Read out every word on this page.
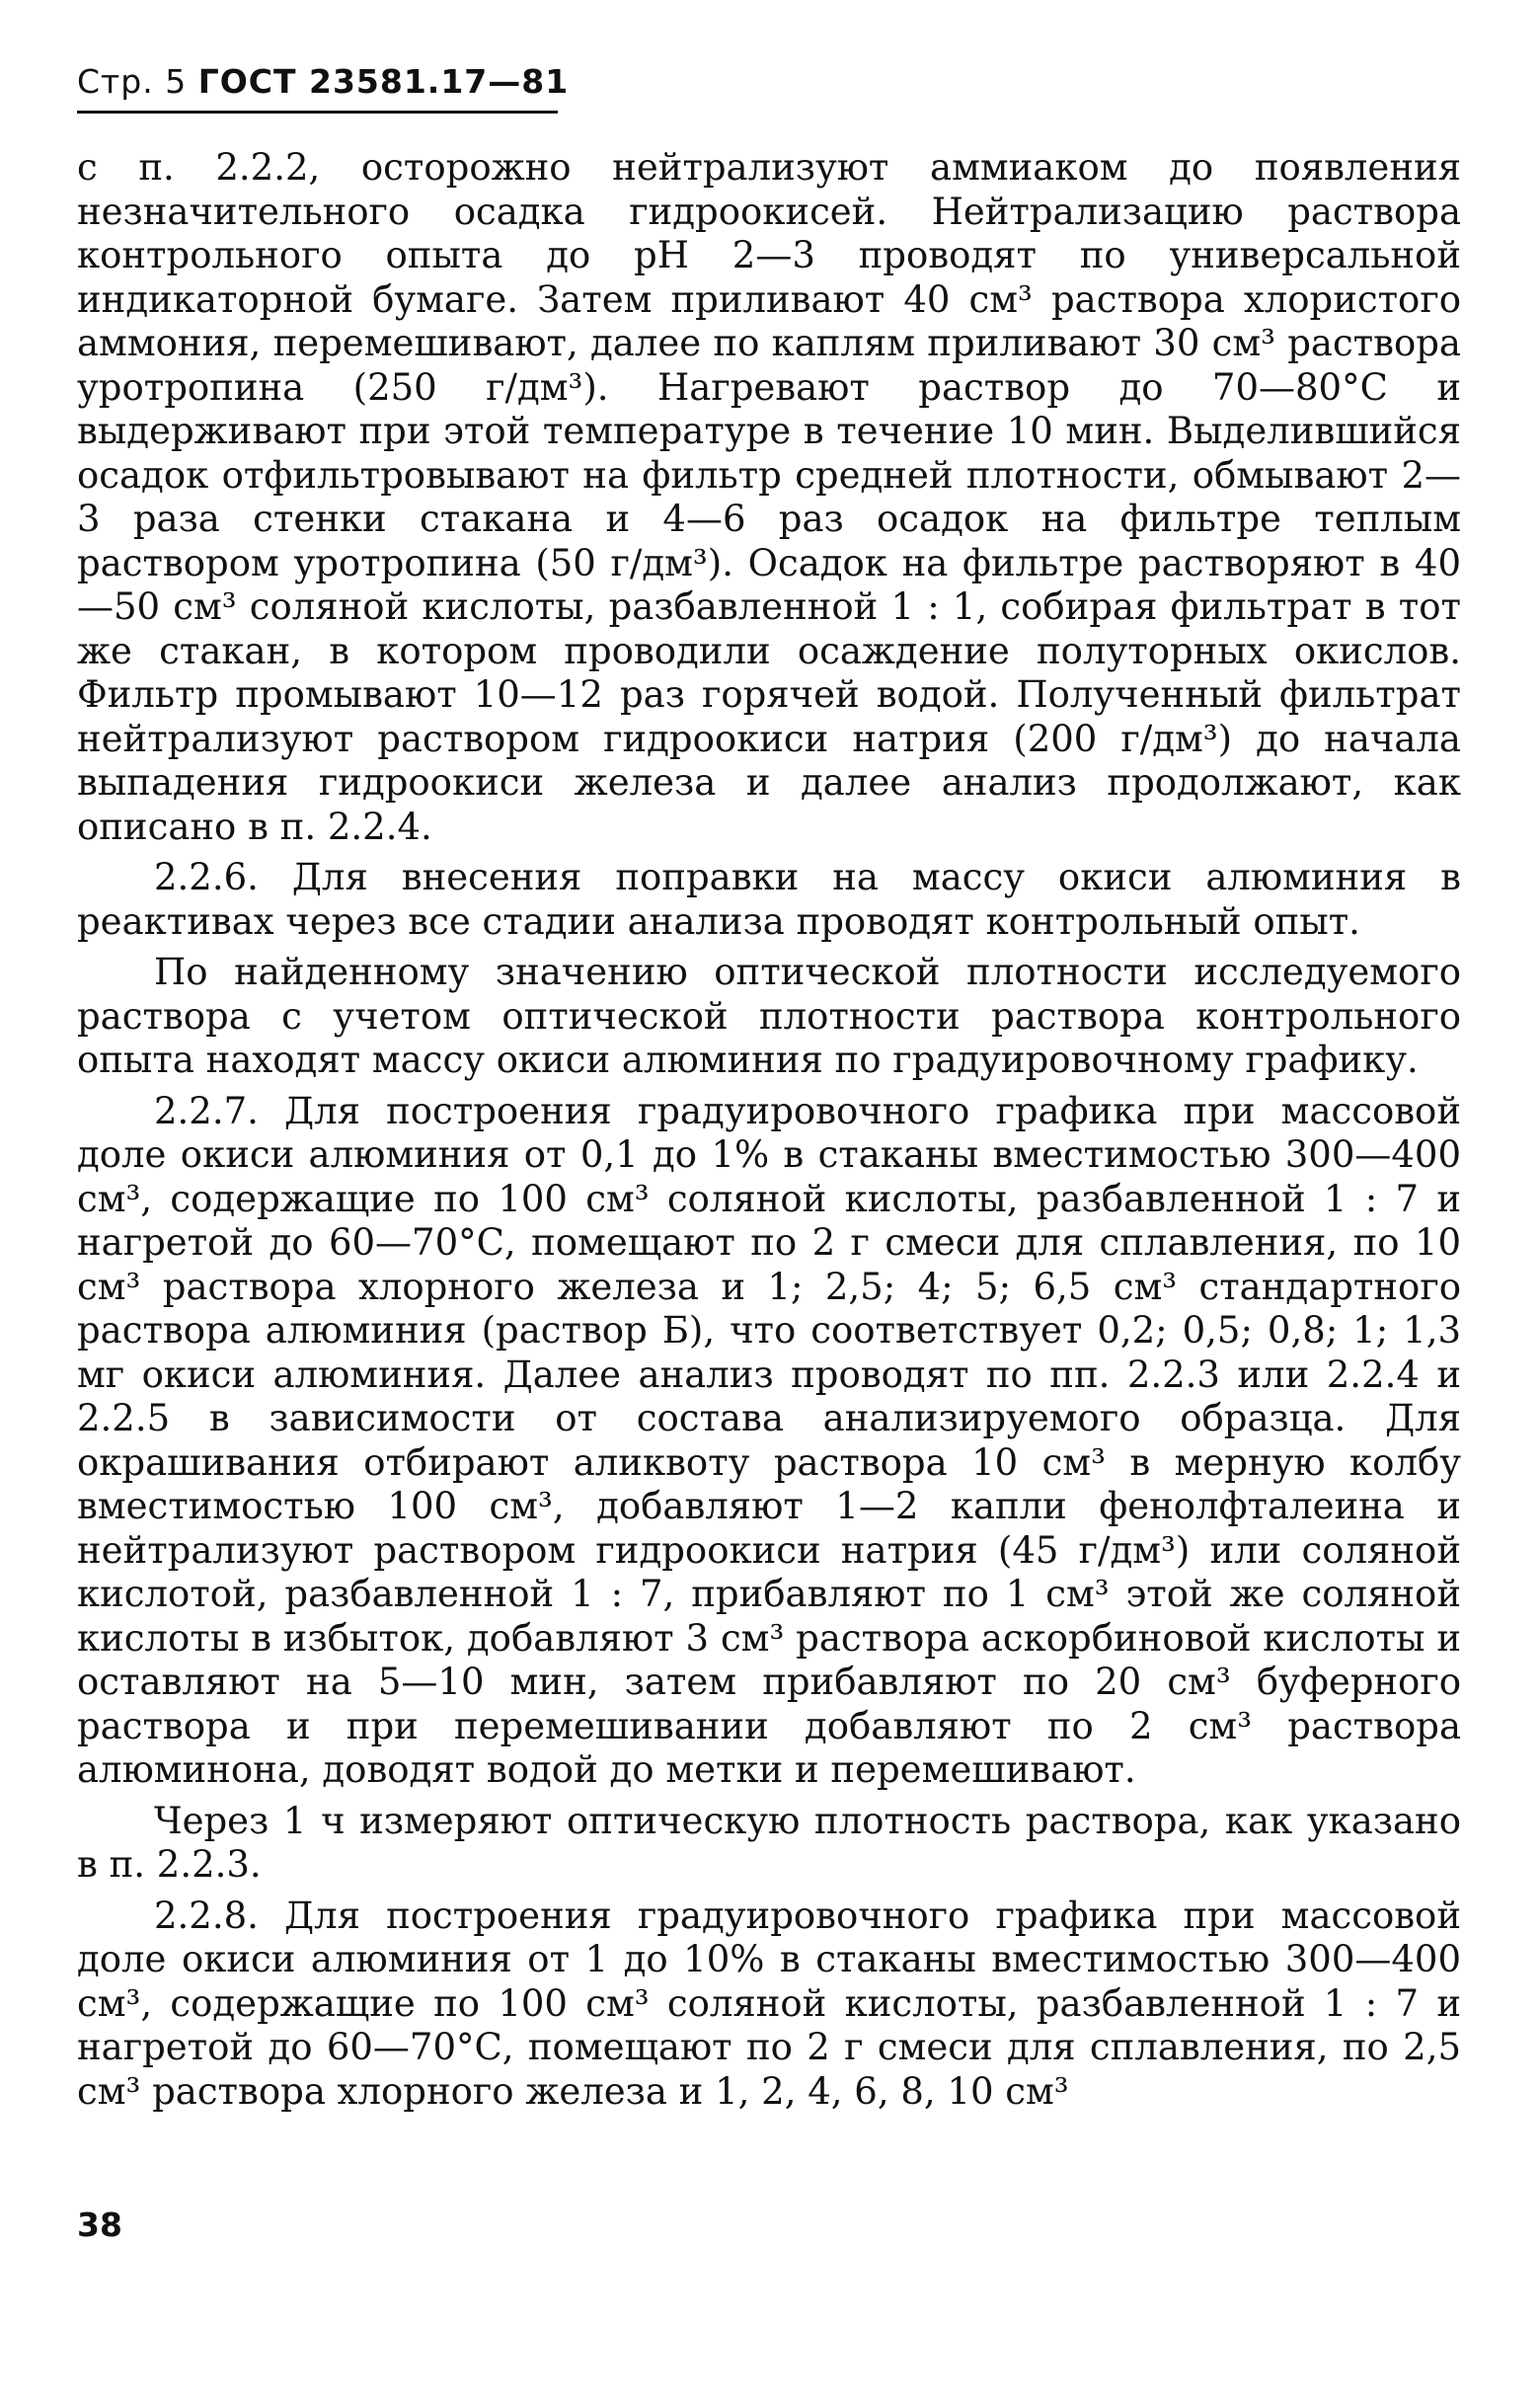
Стр. 5 ГОСТ 23581.17—81

с п. 2.2.2, осторожно нейтрализуют аммиаком до появления незначительного осадка гидроокисей. Нейтрализацию раствора контрольного опыта до pH 2—3 проводят по универсальной индикаторной бумаге. Затем приливают 40 см³ раствора хлористого аммония, перемешивают, далее по каплям приливают 30 см³ раствора уротропина (250 г/дм³). Нагревают раствор до 70—80°С и выдерживают при этой температуре в течение 10 мин. Выделившийся осадок отфильтровывают на фильтр средней плотности, обмывают 2—3 раза стенки стакана и 4—6 раз осадок на фильтре теплым раствором уротропина (50 г/дм³). Осадок на фильтре растворяют в 40—50 см³ соляной кислоты, разбавленной 1 : 1, собирая фильтрат в тот же стакан, в котором проводили осаждение полуторных окислов. Фильтр промывают 10—12 раз горячей водой. Полученный фильтрат нейтрализуют раствором гидроокиси натрия (200 г/дм³) до начала выпадения гидроокиси железа и далее анализ продолжают, как описано в п. 2.2.4.

2.2.6. Для внесения поправки на массу окиси алюминия в реактивах через все стадии анализа проводят контрольный опыт.

По найденному значению оптической плотности исследуемого раствора с учетом оптической плотности раствора контрольного опыта находят массу окиси алюминия по градуировочному графику.

2.2.7. Для построения градуировочного графика при массовой доле окиси алюминия от 0,1 до 1% в стаканы вместимостью 300—400 см³, содержащие по 100 см³ соляной кислоты, разбавленной 1 : 7 и нагретой до 60—70°С, помещают по 2 г смеси для сплавления, по 10 см³ раствора хлорного железа и 1; 2,5; 4; 5; 6,5 см³ стандартного раствора алюминия (раствор Б), что соответствует 0,2; 0,5; 0,8; 1; 1,3 мг окиси алюминия. Далее анализ проводят по пп. 2.2.3 или 2.2.4 и 2.2.5 в зависимости от состава анализируемого образца. Для окрашивания отбирают аликвоту раствора 10 см³ в мерную колбу вместимостью 100 см³, добавляют 1—2 капли фенолфталеина и нейтрализуют раствором гидроокиси натрия (45 г/дм³) или соляной кислотой, разбавленной 1 : 7, прибавляют по 1 см³ этой же соляной кислоты в избыток, добавляют 3 см³ раствора аскорбиновой кислоты и оставляют на 5—10 мин, затем прибавляют по 20 см³ буферного раствора и при перемешивании добавляют по 2 см³ раствора алюминона, доводят водой до метки и перемешивают.

Через 1 ч измеряют оптическую плотность раствора, как указано в п. 2.2.3.

2.2.8. Для построения градуировочного графика при массовой доле окиси алюминия от 1 до 10% в стаканы вместимостью 300—400 см³, содержащие по 100 см³ соляной кислоты, разбавленной 1 : 7 и нагретой до 60—70°С, помещают по 2 г смеси для сплавления, по 2,5 см³ раствора хлорного железа и 1, 2, 4, 6, 8, 10 см³

38
